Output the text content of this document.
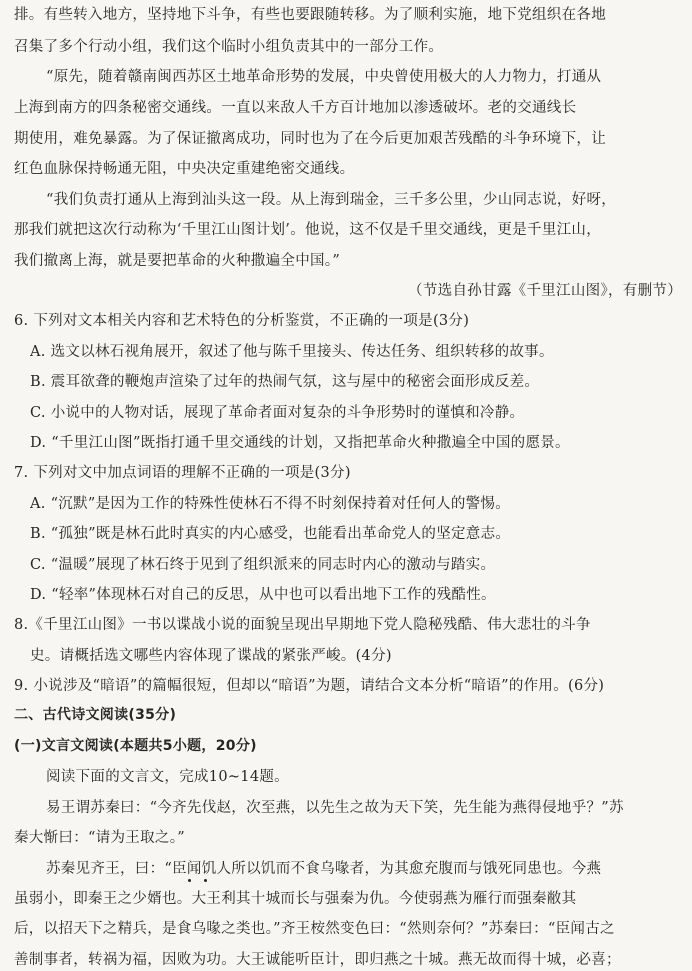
排。有些转入地方，坚持地下斗争，有些也要跟随转移。为了顺利实施，地下党组织在各地
召集了多个行动小组，我们这个临时小组负责其中的一部分工作。
“原先，随着赣南闽西苏区土地革命形势的发展，中央曾使用极大的人力物力，打通从
上海到南方的四条秘密交通线。一直以来敌人千方百计地加以渗透破坏。老的交通线长
期使用，难免暴露。为了保证撤离成功，同时也为了在今后更加艰苦残酷的斗争环境下，让
红色血脉保持畅通无阻，中央决定重建绝密交通线。
“我们负责打通从上海到汕头这一段。从上海到瑞金，三千多公里，少山同志说，好呀，
那我们就把这次行动称为‘千里江山图计划’。他说，这不仅是千里交通线，更是千里江山，
我们撤离上海，就是要把革命的火种撒遍全中国。”
（节选自孙甘露《千里江山图》，有删节）
6. 下列对文本相关内容和艺术特色的分析鉴赏，不正确的一项是(3分)
A. 选文以林石视角展开，叙述了他与陈千里接头、传达任务、组织转移的故事。
B. 震耳欲聋的鞭炮声渲染了过年的热闹气氛，这与屋中的秘密会面形成反差。
C. 小说中的人物对话，展现了革命者面对复杂的斗争形势时的谨慎和冷静。
D. “千里江山图”既指打通千里交通线的计划，又指把革命火种撒遍全中国的愿景。
7. 下列对文中加点词语的理解不正确的一项是(3分)
A. “沉默”是因为工作的特殊性使林石不得不时刻保持着对任何人的警惕。
B. “孤独”既是林石此时真实的内心感受，也能看出革命党人的坚定意志。
C. “温暖”展现了林石终于见到了组织派来的同志时内心的激动与踏实。
D. “轻率”体现林石对自己的反思，从中也可以看出地下工作的残酷性。
8.《千里江山图》一书以谍战小说的面貌呈现出早期地下党人隐秘残酷、伟大悲壮的斗争
史。请概括选文哪些内容体现了谍战的紧张严峻。(4分)
9. 小说涉及“暗语”的篇幅很短，但却以“暗语”为题，请结合文本分析“暗语”的作用。(6分)
二、古代诗文阅读(35分)
(一)文言文阅读(本题共5小题，20分)
阅读下面的文言文，完成10~14题。
易王谓苏秦曰：“今齐先伐赵，次至燕，以先生之故为天下笑，先生能为燕得侵地乎？”苏
秦大惭曰：“请为王取之。”
苏秦见齐王，曰：“臣闻饥人所以饥而不食乌喙者，为其愈充腹而与饿死同患也。今燕
虽弱小，即秦王之少婿也。大王利其十城而长与强秦为仇。今使弱燕为雁行而强秦敝其
后，以招天下之精兵，是食乌喙之类也。”齐王桉然变色曰：“然则奈何？”苏秦曰：“臣闻古之
善制事者，转祸为福，因败为功。大王诚能听臣计，即归燕之十城。燕无故而得十城，必喜；
